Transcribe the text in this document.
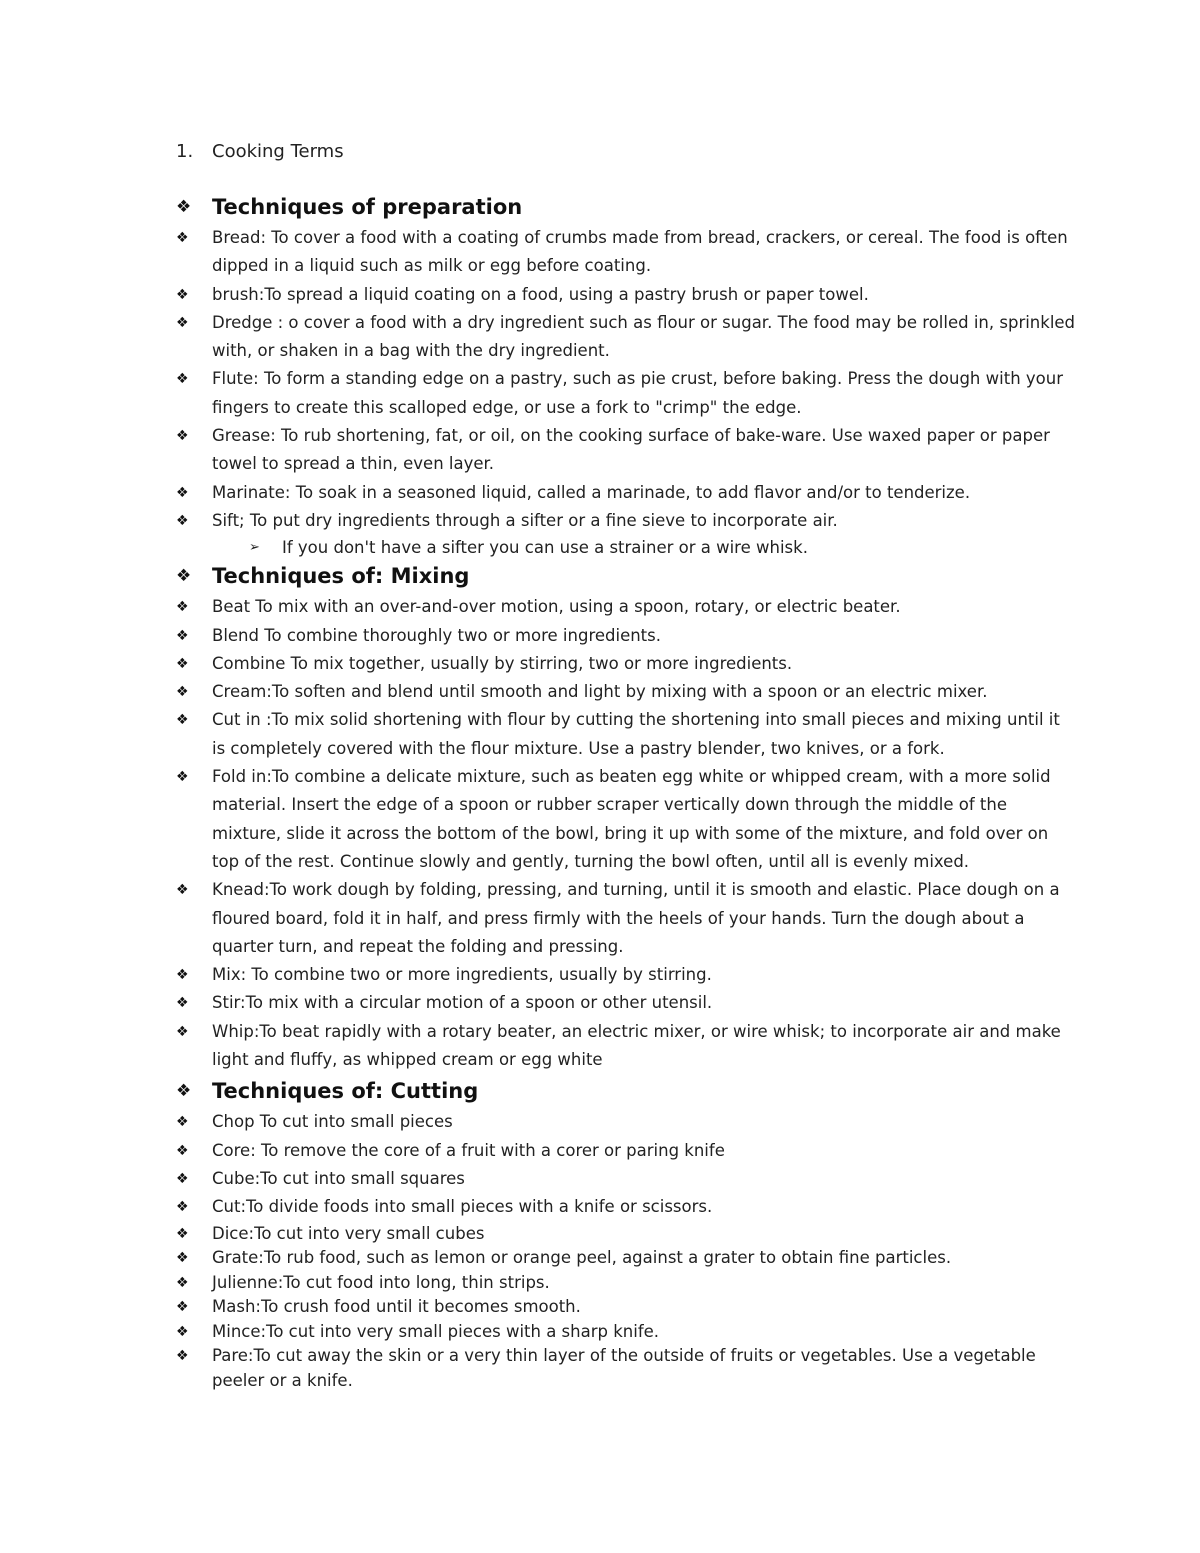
1. Cooking Terms
❖ Techniques of preparation
❖ Bread: To cover a food with a coating of crumbs made from bread, crackers, or cereal. The food is often dipped in a liquid such as milk or egg before coating.
❖ brush:To spread a liquid coating on a food, using a pastry brush or paper towel.
❖ Dredge : o cover a food with a dry ingredient such as flour or sugar. The food may be rolled in, sprinkled with, or shaken in a bag with the dry ingredient.
❖ Flute: To form a standing edge on a pastry, such as pie crust, before baking. Press the dough with your fingers to create this scalloped edge, or use a fork to "crimp" the edge.
❖ Grease: To rub shortening, fat, or oil, on the cooking surface of bake-ware. Use waxed paper or paper towel to spread a thin, even layer.
❖ Marinate: To soak in a seasoned liquid, called a marinade, to add flavor and/or to tenderize.
❖ Sift; To put dry ingredients through a sifter or a fine sieve to incorporate air.
➢ If you don't have a sifter you can use a strainer or a wire whisk.
❖ Techniques of: Mixing
❖ Beat To mix with an over-and-over motion, using a spoon, rotary, or electric beater.
❖ Blend To combine thoroughly two or more ingredients.
❖ Combine To mix together, usually by stirring, two or more ingredients.
❖ Cream:To soften and blend until smooth and light by mixing with a spoon or an electric mixer.
❖ Cut in :To mix solid shortening with flour by cutting the shortening into small pieces and mixing until it is completely covered with the flour mixture. Use a pastry blender, two knives, or a fork.
❖ Fold in:To combine a delicate mixture, such as beaten egg white or whipped cream, with a more solid material. Insert the edge of a spoon or rubber scraper vertically down through the middle of the mixture, slide it across the bottom of the bowl, bring it up with some of the mixture, and fold over on top of the rest. Continue slowly and gently, turning the bowl often, until all is evenly mixed.
❖ Knead:To work dough by folding, pressing, and turning, until it is smooth and elastic. Place dough on a floured board, fold it in half, and press firmly with the heels of your hands. Turn the dough about a quarter turn, and repeat the folding and pressing.
❖ Mix: To combine two or more ingredients, usually by stirring.
❖ Stir:To mix with a circular motion of a spoon or other utensil.
❖ Whip:To beat rapidly with a rotary beater, an electric mixer, or wire whisk; to incorporate air and make light and fluffy, as whipped cream or egg white
❖ Techniques of: Cutting
❖ Chop To cut into small pieces
❖ Core: To remove the core of a fruit with a corer or paring knife
❖ Cube:To cut into small squares
❖ Cut:To divide foods into small pieces with a knife or scissors.
❖ Dice:To cut into very small cubes
❖ Grate:To rub food, such as lemon or orange peel, against a grater to obtain fine particles.
❖ Julienne:To cut food into long, thin strips.
❖ Mash:To crush food until it becomes smooth.
❖ Mince:To cut into very small pieces with a sharp knife.
❖ Pare:To cut away the skin or a very thin layer of the outside of fruits or vegetables. Use a vegetable peeler or a knife.
